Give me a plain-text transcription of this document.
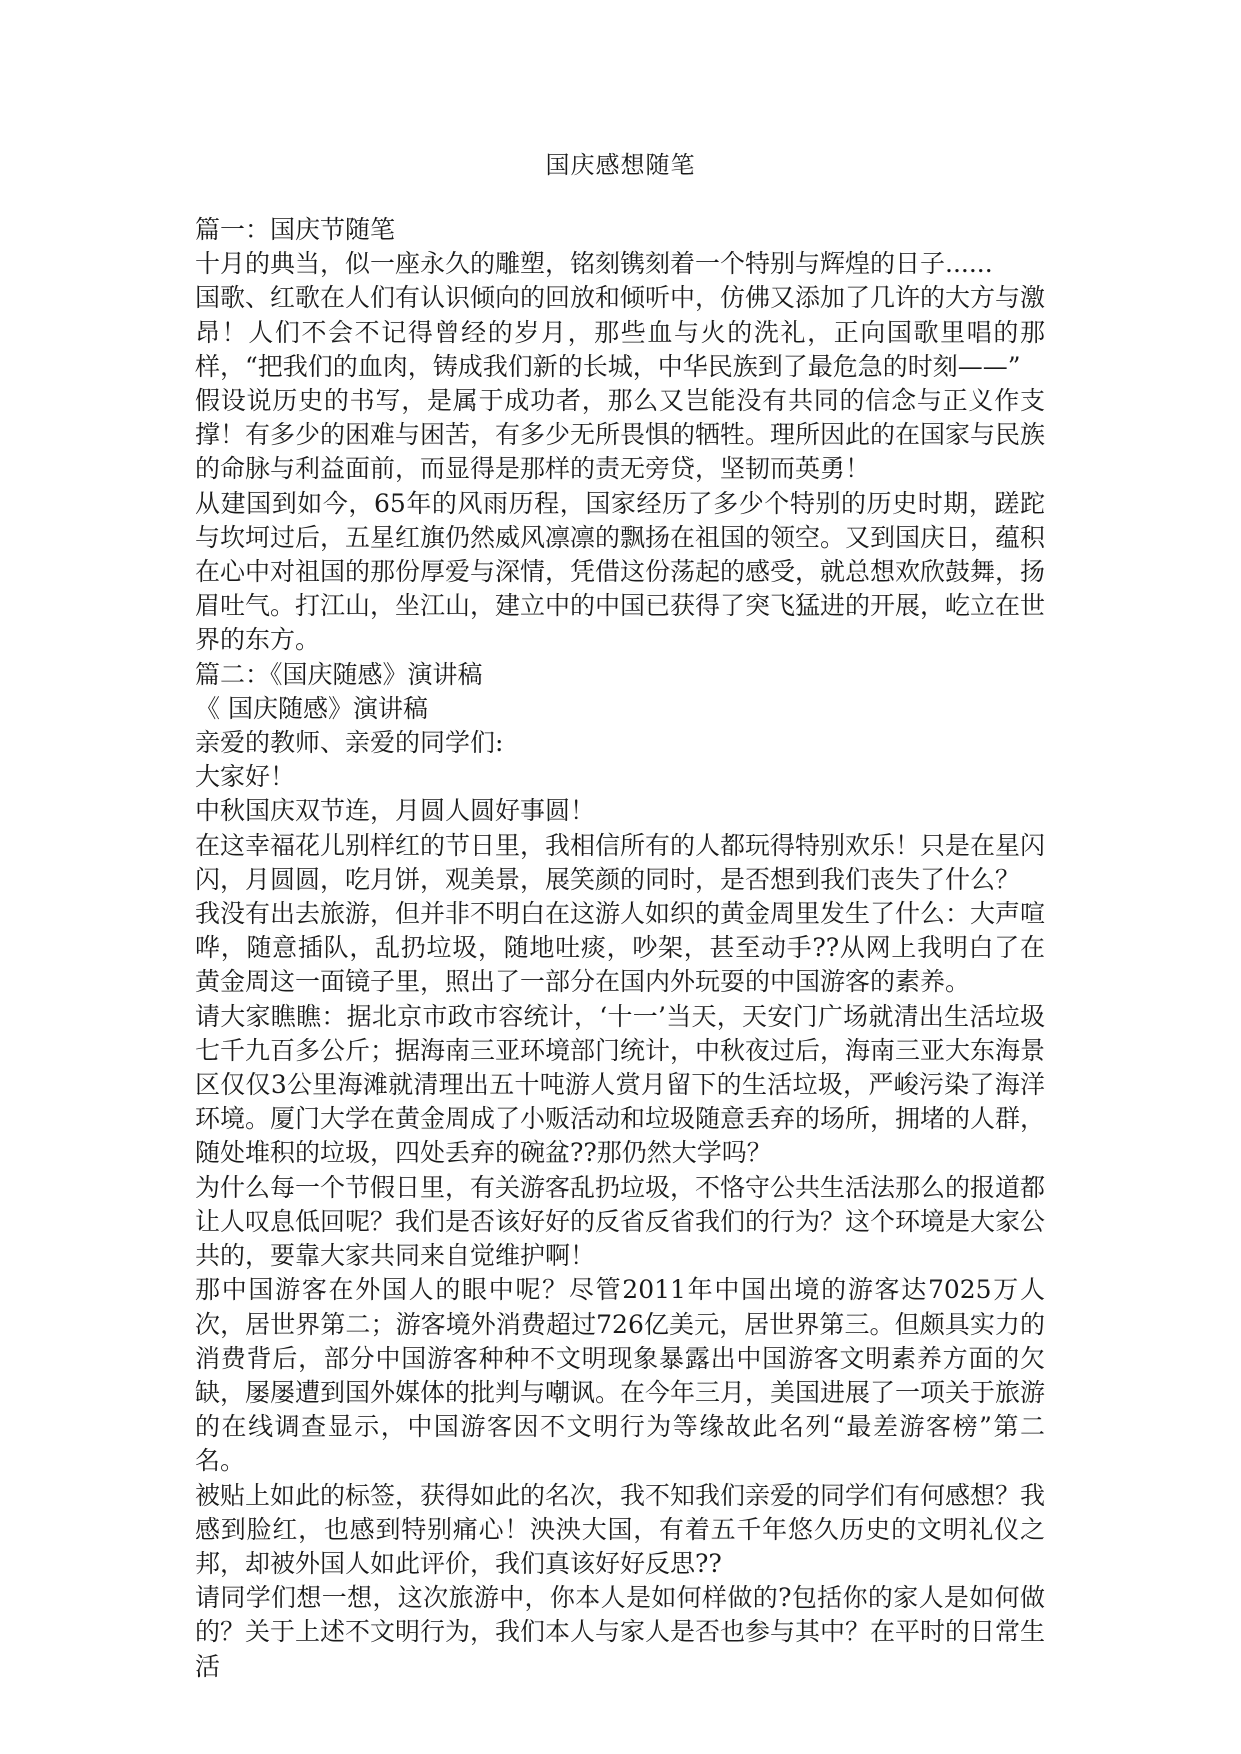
国庆感想随笔

篇一：国庆节随笔

十月的典当，似一座永久的雕塑，铭刻镌刻着一个特别与辉煌的日子......

国歌、红歌在人们有认识倾向的回放和倾听中，仿佛又添加了几许的大方与激昂！人们不会不记得曾经的岁月，那些血与火的洗礼，正向国歌里唱的那样，“把我们的血肉，铸成我们新的长城，中华民族到了最危急的时刻——”

假设说历史的书写，是属于成功者，那么又岂能没有共同的信念与正义作支撑！有多少的困难与困苦，有多少无所畏惧的牺牲。理所因此的在国家与民族的命脉与利益面前，而显得是那样的责无旁贷，坚韧而英勇！

从建国到如今，65年的风雨历程，国家经历了多少个特别的历史时期，蹉跎与坎坷过后，五星红旗仍然威风凛凛的飘扬在祖国的领空。又到国庆日，蕴积在心中对祖国的那份厚爱与深情，凭借这份荡起的感受，就总想欢欣鼓舞，扬眉吐气。打江山，坐江山，建立中的中国已获得了突飞猛进的开展，屹立在世界的东方。

篇二：《国庆随感》演讲稿

《 国庆随感》演讲稿

亲爱的教师、亲爱的同学们:

大家好！

中秋国庆双节连，月圆人圆好事圆！

在这幸福花儿别样红的节日里，我相信所有的人都玩得特别欢乐！只是在星闪闪，月圆圆，吃月饼，观美景，展笑颜的同时，是否想到我们丧失了什么？

我没有出去旅游，但并非不明白在这游人如织的黄金周里发生了什么：大声喧哗，随意插队，乱扔垃圾，随地吐痰，吵架，甚至动手??从网上我明白了在黄金周这一面镜子里，照出了一部分在国内外玩耍的中国游客的素养。

请大家瞧瞧：据北京市政市容统计，‘十一’当天，天安门广场就清出生活垃圾七千九百多公斤；据海南三亚环境部门统计，中秋夜过后，海南三亚大东海景区仅仅3公里海滩就清理出五十吨游人赏月留下的生活垃圾，严峻污染了海洋环境。厦门大学在黄金周成了小贩活动和垃圾随意丢弃的场所，拥堵的人群，随处堆积的垃圾，四处丢弃的碗盆??那仍然大学吗？

为什么每一个节假日里，有关游客乱扔垃圾，不恪守公共生活法那么的报道都让人叹息低回呢？我们是否该好好的反省反省我们的行为？这个环境是大家公共的，要靠大家共同来自觉维护啊！

那中国游客在外国人的眼中呢？尽管2011年中国出境的游客达7025万人次，居世界第二；游客境外消费超过726亿美元，居世界第三。但颇具实力的消费背后，部分中国游客种种不文明现象暴露出中国游客文明素养方面的欠缺，屡屡遭到国外媒体的批判与嘲讽。在今年三月，美国进展了一项关于旅游的在线调查显示，中国游客因不文明行为等缘故此名列“最差游客榜”第二名。

被贴上如此的标签，获得如此的名次，我不知我们亲爱的同学们有何感想？我感到脸红，也感到特别痛心！泱泱大国，有着五千年悠久历史的文明礼仪之邦，却被外国人如此评价，我们真该好好反思??

请同学们想一想，这次旅游中，你本人是如何样做的?包括你的家人是如何做的？关于上述不文明行为，我们本人与家人是否也参与其中？在平时的日常生活
